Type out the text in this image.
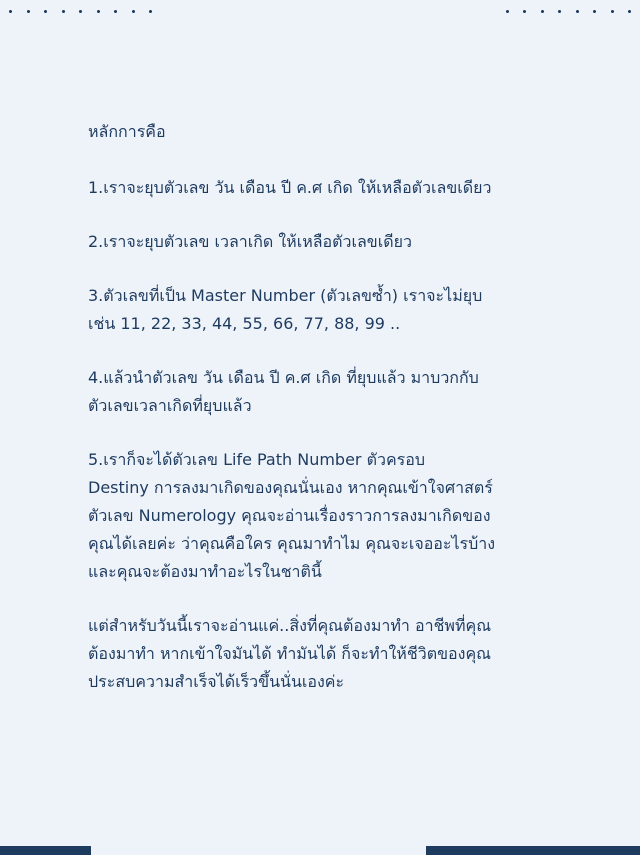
หลักการคือ

1.เราจะยุบตัวเลข วัน เดือน ปี ค.ศ เกิด ให้เหลือตัวเลขเดียว

2.เราจะยุบตัวเลข เวลาเกิด ให้เหลือตัวเลขเดียว

3.ตัวเลขที่เป็น Master Number (ตัวเลขซ้ำ) เราจะไม่ยุบ
เช่น 11, 22, 33, 44, 55, 66, 77, 88, 99 ..

4.แล้วนำตัวเลข วัน เดือน ปี ค.ศ เกิด ที่ยุบแล้ว มาบวกกับ
ตัวเลขเวลาเกิดที่ยุบแล้ว

5.เราก็จะได้ตัวเลข Life Path Number ตัวครอบ
Destiny การลงมาเกิดของคุณนั่นเอง หากคุณเข้าใจศาสตร์
ตัวเลข Numerology คุณจะอ่านเรื่องราวการลงมาเกิดของ
คุณได้เลยค่ะ ว่าคุณคือใคร คุณมาทำไม คุณจะเจออะไรบ้าง
และคุณจะต้องมาทำอะไรในชาตินี้

แต่สำหรับวันนี้เราจะอ่านแค่..สิ่งที่คุณต้องมาทำ อาชีพที่คุณ
ต้องมาทำ หากเข้าใจมันได้ ทำมันได้ ก็จะทำให้ชีวิตของคุณ
ประสบความสำเร็จได้เร็วขึ้นนั่นเองค่ะ
